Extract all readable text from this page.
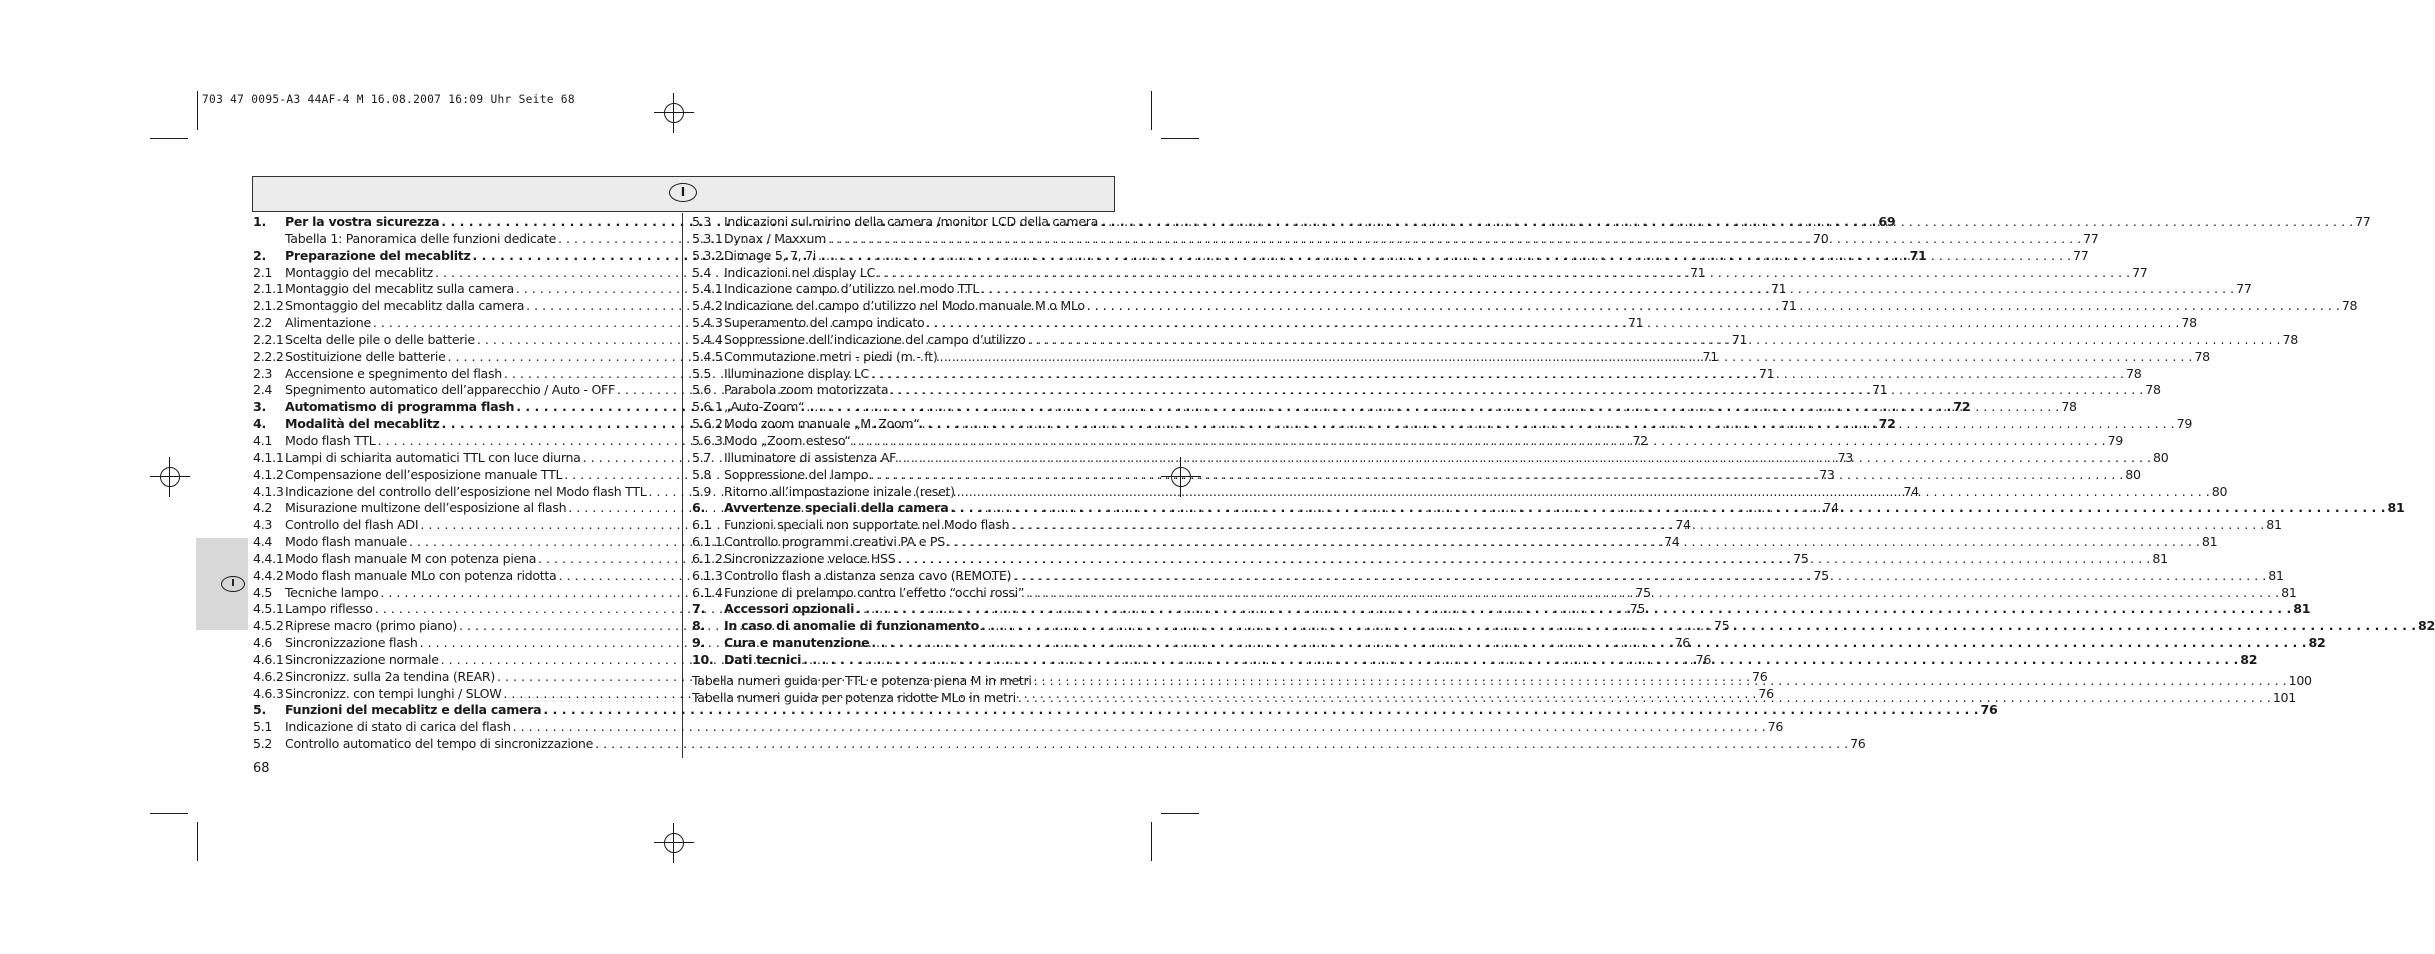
703 47 0095-A3 44AF-4 M 16.08.2007 16:09 Uhr Seite 68
I
I
1.	Per la vostra sicurezza . . .	69
Tabella 1: Panoramica delle funzioni dedicate . . .	70
2.	Preparazione del mecablitz . . .	71
2.1	Montaggio del mecablitz . . .	71
2.1.1 Montaggio del mecablitz sulla camera . . .	71
2.1.2 Smontaggio del mecablitz dalla camera . . .	71
2.2	Alimentazione . . .	71
2.2.1 Scelta delle pile o delle batterie . . .	71
2.2.2 Sostituizione delle batterie . . .	71
2.3	Accensione e spegnimento del flash . . .	71
2.4	Spegnimento automatico dell’apparecchio / Auto - OFF . . .	71
3.	Automatismo di programma flash . . .	72
4.	Modalità del mecablitz . . .	72
4.1	Modo flash TTL . . .	72
4.1.1 Lampi di schiarita automatici TTL con luce diurna . . .	73
4.1.2 Compensazione dell’esposizione manuale TTL . . .	73
4.1.3 Indicazione del controllo dell’esposizione nel Modo flash TTL . . .	74
4.2	Misurazione multizone dell’esposizione al flash . . .	74
4.3	Controllo del flash ADI . . .	74
4.4	Modo flash manuale . . .	74
4.4.1 Modo flash manuale M con potenza piena . . .	75
4.4.2 Modo flash manuale MLo con potenza ridotta . . .	75
4.5	Tecniche lampo . . .	75
4.5.1 Lampo riflesso . . .	75
4.5.2 Riprese macro (primo piano) . . .	75
4.6	Sincronizzazione flash . . .	76
4.6.1 Sincronizzazione normale . . .	76
4.6.2 Sincronizz. sulla 2a tendina (REAR) . . .	76
4.6.3 Sincronizz. con tempi lunghi / SLOW . . .	76
5.	Funzioni del mecablitz e della camera . . .	76
5.1	Indicazione di stato di carica del flash . . .	76
5.2	Controllo automatico del tempo di sincronizzazione . . .	76
5.3	Indicazioni sul mirino della camera /monitor LCD della camera . . .	77
5.3.1 Dynax / Maxxum . . .	77
5.3.2 Dimage 5, 7, 7i . . .	77
5.4	Indicazioni nel display LC . . .	77
5.4.1 Indicazione campo d’utilizzo nel modo TTL . . .	77
5.4.2 Indicazione del campo d’utilizzo nel Modo manuale M o MLo . . .	78
5.4.3 Superamento del campo indicato . . .	78
5.4.4 Soppressione dell’indicazione del campo d’utilizzo . . .	78
5.4.5 Commutazione metri - piedi (m - ft) . . .	78
5.5	Illuminazione display LC . . .	78
5.6	Parabola zoom motorizzata . . .	78
5.6.1 „Auto-Zoom“ . . .	78
5.6.2 Modo zoom manuale „M. Zoom“ . . .	79
5.6.3 Modo „Zoom esteso“ . . .	79
5.7	Illuminatore di assistenza AF . . .	80
5.8	Soppressione del lampo . . .	80
5.9	Ritorno all’impostazione inizale (reset) . . .	80
6.	Avvertenze speciali della camera . . .	81
6.1	Funzioni speciali non supportate nel Modo flash . . .	81
6.1.1 Controllo programmi creativi PA e PS . . .	81
6.1.2 Sincronizzazione veloce HSS . . .	81
6.1.3 Controllo flash a distanza senza cavo (REMOTE) . . .	81
6.1.4 Funzione di prelampo contro l’effetto “occhi rossi” . . .	81
7.	Accessori opzionali . . .	81
8.	In caso di anomalie di funzionamento . . .	82
9.	Cura e manutenzione . . .	82
10. Dati tecnici . . .	82
Tabella numeri guida per TTL e potenza piena M in metri . . .	100
Tabella numeri guida per potenza ridotte MLo in metri . . .	101
68
